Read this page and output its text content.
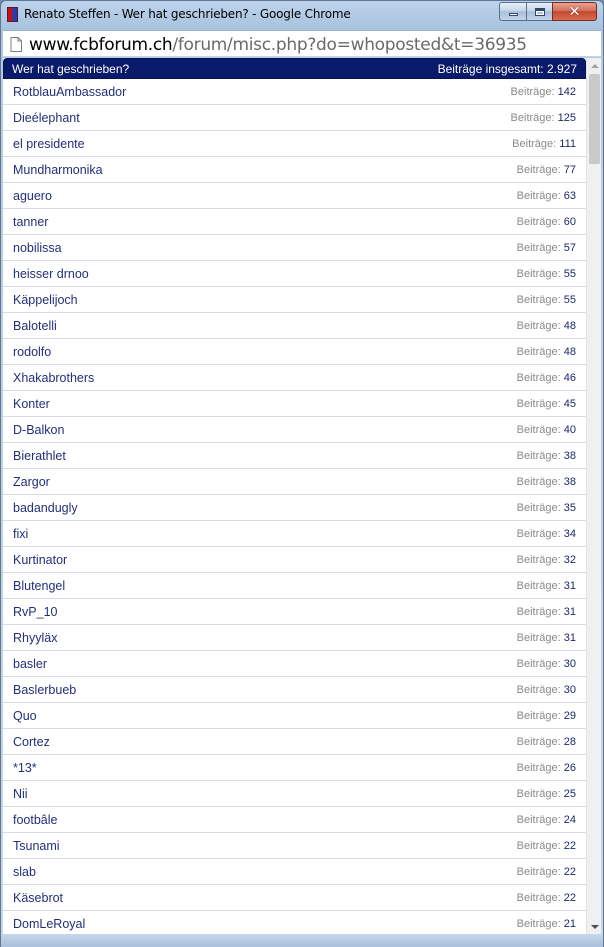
Renato Steffen - Wer hat geschrieben? - Google Chrome	✕
www.fcbforum.ch/forum/misc.php?do=whoposted&t=36935
Wer hat geschrieben?	Beiträge insgesamt: 2.927
RotblauAmbassador	Beiträge: 142
Dieélephant	Beiträge: 125
el presidente	Beiträge: 111
Mundharmonika	Beiträge: 77
aguero	Beiträge: 63
tanner	Beiträge: 60
nobilissa	Beiträge: 57
heisser drnoo	Beiträge: 55
Käppelijoch	Beiträge: 55
Balotelli	Beiträge: 48
rodolfo	Beiträge: 48
Xhakabrothers	Beiträge: 46
Konter	Beiträge: 45
D-Balkon	Beiträge: 40
Bierathlet	Beiträge: 38
Zargor	Beiträge: 38
badandugly	Beiträge: 35
fixi	Beiträge: 34
Kurtinator	Beiträge: 32
Blutengel	Beiträge: 31
RvP_10	Beiträge: 31
Rhyyläx	Beiträge: 31
basler	Beiträge: 30
Baslerbueb	Beiträge: 30
Quo	Beiträge: 29
Cortez	Beiträge: 28
*13*	Beiträge: 26
Nii	Beiträge: 25
footbâle	Beiträge: 24
Tsunami	Beiträge: 22
slab	Beiträge: 22
Käsebrot	Beiträge: 22
DomLeRoyal	Beiträge: 21
